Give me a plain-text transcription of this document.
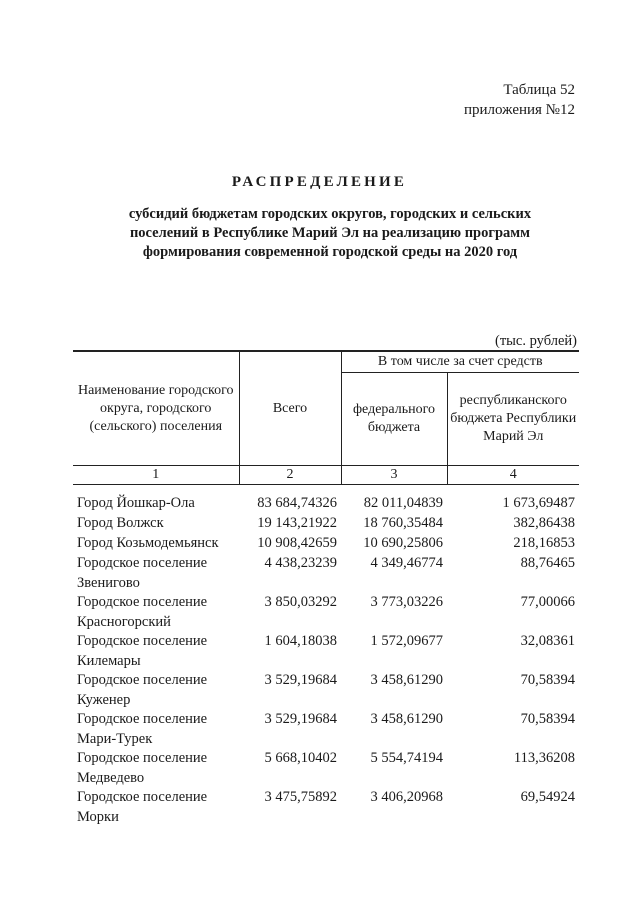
Таблица 52
приложения №12
РАСПРЕДЕЛЕНИЕ
субсидий бюджетам городских округов, городских и сельских поселений в Республике Марий Эл на реализацию программ формирования современной городской среды на 2020 год
(тыс. рублей)
Наименование городского округа, городского (сельского) поселения	Всего	В том числе за счет средств	
		федерального бюджета	республиканского бюджета Республики Марий Эл
1	2	3	4
Город Йошкар-Ола	83 684,74326	82 011,04839	1 673,69487
Город Волжск	19 143,21922	18 760,35484	382,86438
Город Козьмодемьянск	10 908,42659	10 690,25806	218,16853
Городское поселение Звенигово	4 438,23239	4 349,46774	88,76465
Городское поселение Красногорский	3 850,03292	3 773,03226	77,00066
Городское поселение Килемары	1 604,18038	1 572,09677	32,08361
Городское поселение Куженер	3 529,19684	3 458,61290	70,58394
Городское поселение Мари-Турек	3 529,19684	3 458,61290	70,58394
Городское поселение Медведево	5 668,10402	5 554,74194	113,36208
Городское поселение Морки	3 475,75892	3 406,20968	69,54924
